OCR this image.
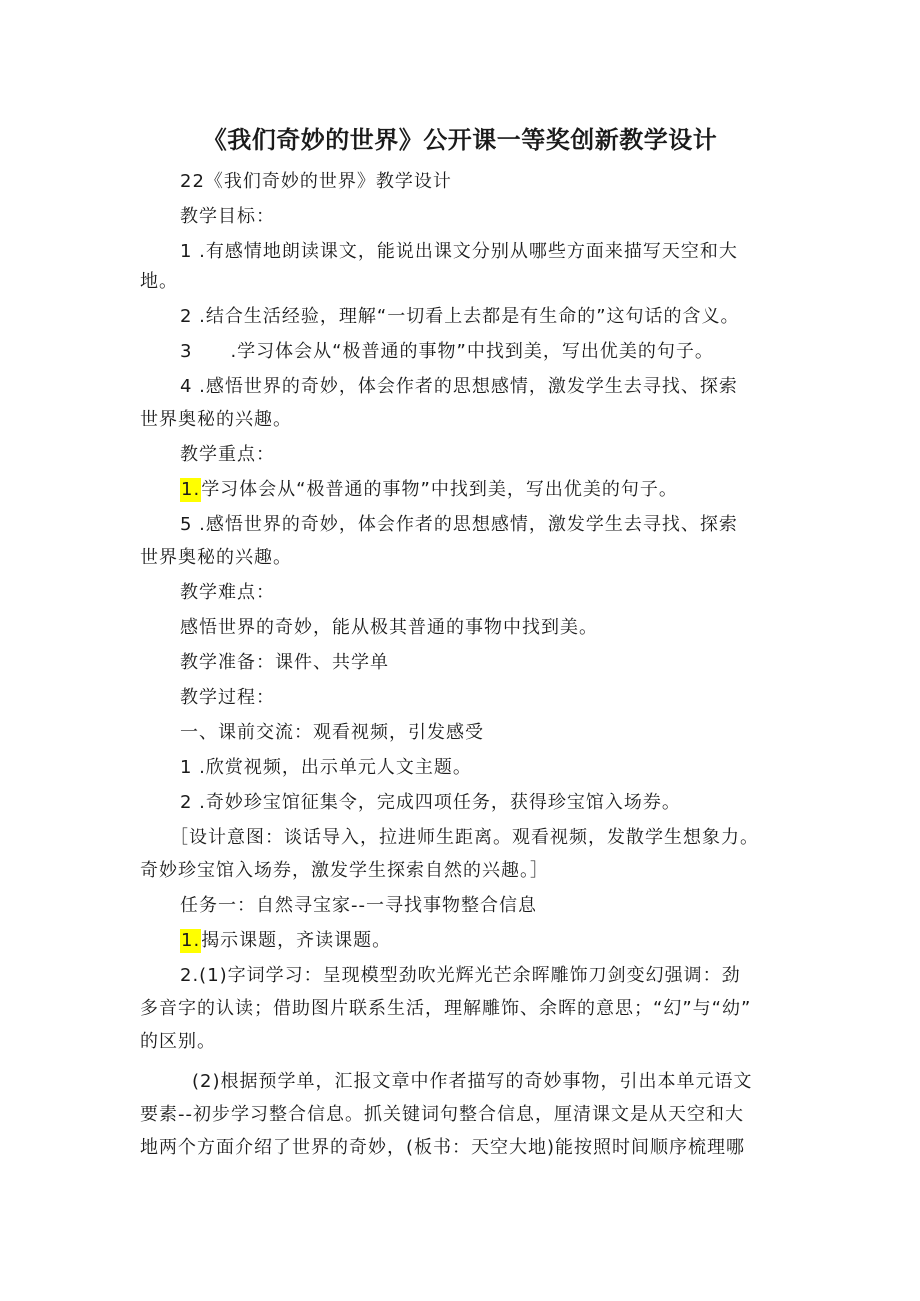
《我们奇妙的世界》公开课一等奖创新教学设计
22《我们奇妙的世界》教学设计
教学目标：
1 .有感情地朗读课文，能说出课文分别从哪些方面来描写天空和大
地。
2 .结合生活经验，理解“一切看上去都是有生命的”这句话的含义。
3　　.学习体会从“极普通的事物”中找到美，写出优美的句子。
4 .感悟世界的奇妙，体会作者的思想感情，激发学生去寻找、探索
世界奥秘的兴趣。
教学重点：
1.学习体会从“极普通的事物”中找到美，写出优美的句子。
5 .感悟世界的奇妙，体会作者的思想感情，激发学生去寻找、探索
世界奥秘的兴趣。
教学难点：
感悟世界的奇妙，能从极其普通的事物中找到美。
教学准备：课件、共学单
教学过程：
一、课前交流：观看视频，引发感受
1 .欣赏视频，出示单元人文主题。
2 .奇妙珍宝馆征集令，完成四项任务，获得珍宝馆入场券。
［设计意图：谈话导入，拉进师生距离。观看视频，发散学生想象力。
奇妙珍宝馆入场券，激发学生探索自然的兴趣。］
任务一：自然寻宝家--一寻找事物整合信息
1.揭示课题，齐读课题。
2.(1)字词学习：呈现模型劲吹光辉光芒余晖雕饰刀剑变幻强调：劲
多音字的认读；借助图片联系生活，理解雕饰、余晖的意思；“幻”与“幼”
的区别。
(2)根据预学单，汇报文章中作者描写的奇妙事物，引出本单元语文
要素--初步学习整合信息。抓关键词句整合信息，厘清课文是从天空和大
地两个方面介绍了世界的奇妙，(板书：天空大地)能按照时间顺序梳理哪
